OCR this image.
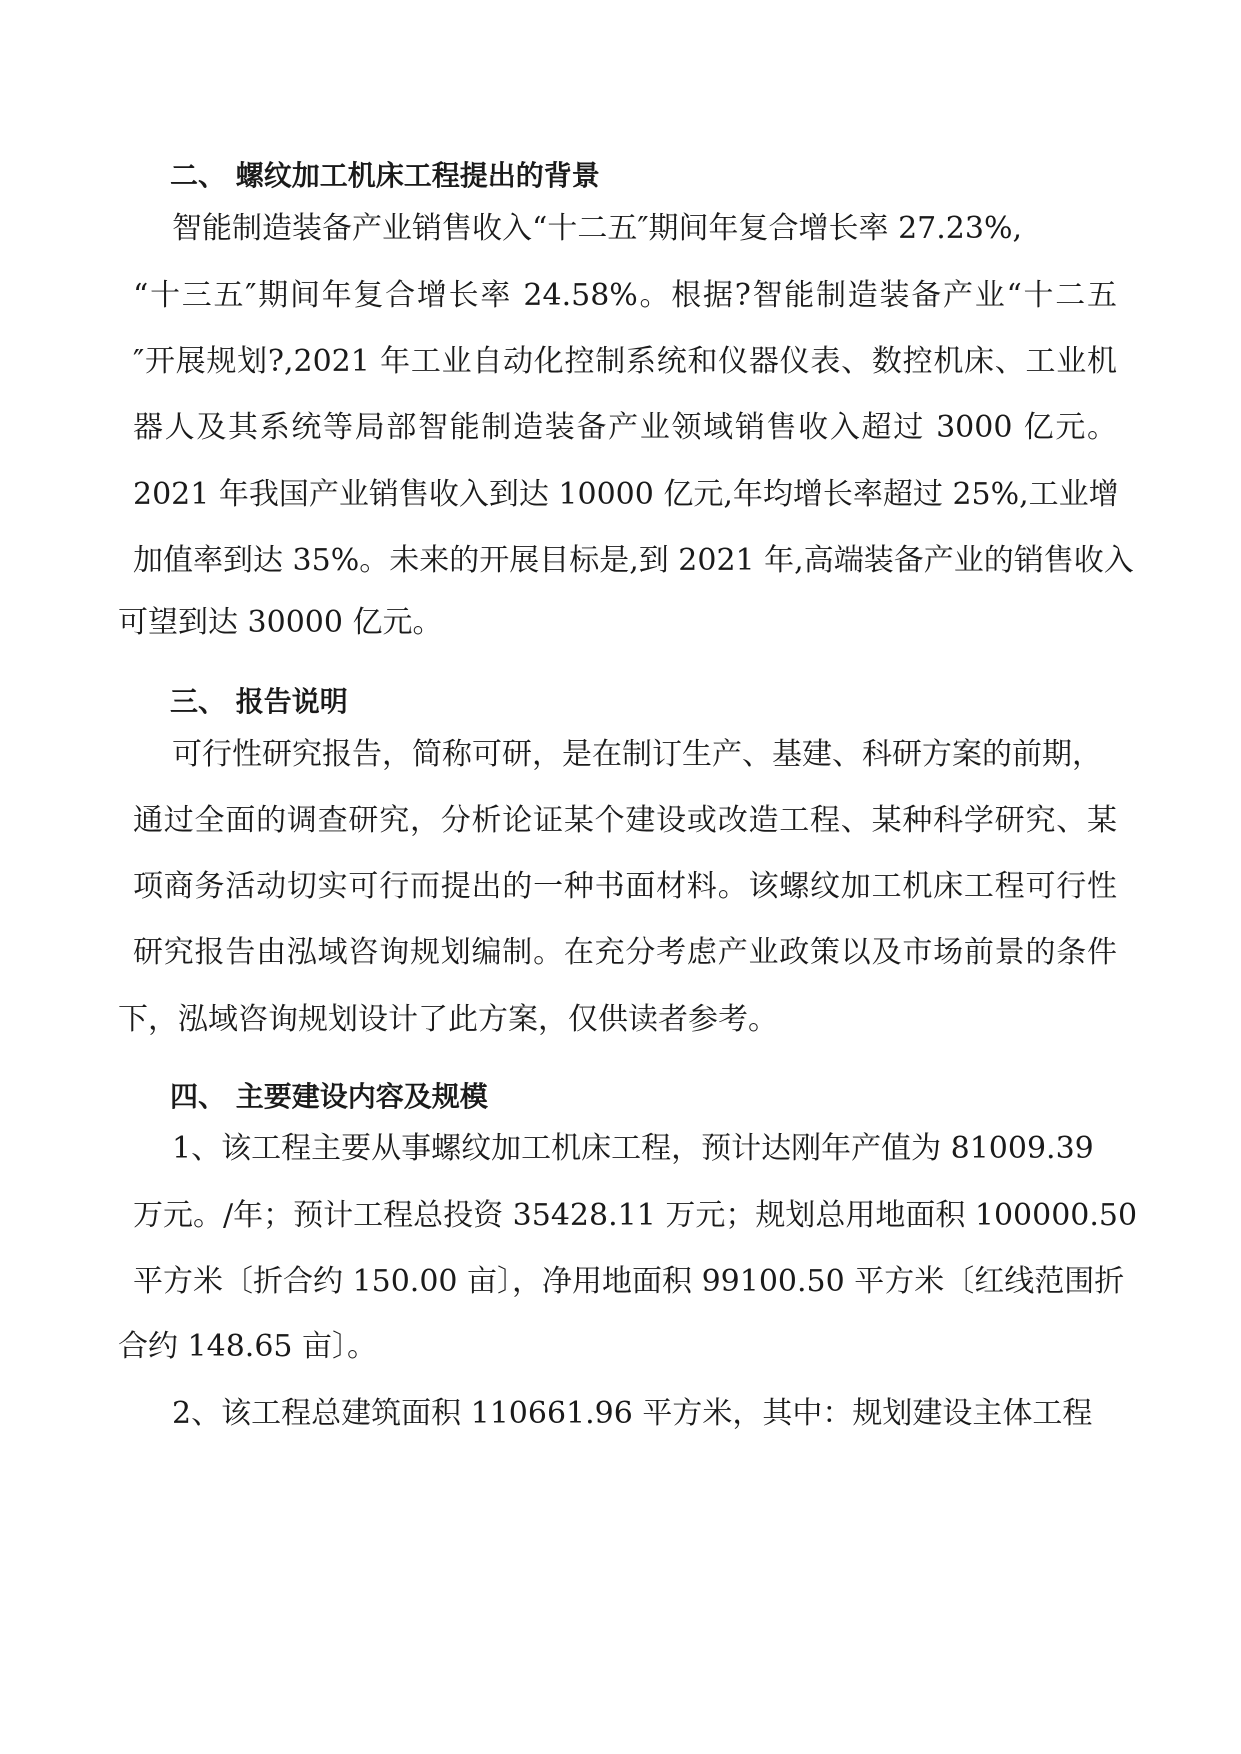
二、 螺纹加工机床工程提出的背景
智能制造装备产业销售收入“十二五″期间年复合增长率 27.23%,
“十三五″期间年复合增长率 24.58%。根据?智能制造装备产业“十二五
″开展规划?,2021 年工业自动化控制系统和仪器仪表、数控机床、工业机
器人及其系统等局部智能制造装备产业领域销售收入超过 3000 亿元。
2021 年我国产业销售收入到达 10000 亿元,年均增长率超过 25%,工业增
加值率到达 35%。未来的开展目标是,到 2021 年,高端装备产业的销售收入
可望到达 30000 亿元。
三、 报告说明
可行性研究报告，简称可研，是在制订生产、基建、科研方案的前期，
通过全面的调查研究，分析论证某个建设或改造工程、某种科学研究、某
项商务活动切实可行而提出的一种书面材料。该螺纹加工机床工程可行性
研究报告由泓域咨询规划编制。在充分考虑产业政策以及市场前景的条件
下，泓域咨询规划设计了此方案，仅供读者参考。
四、 主要建设内容及规模
1、该工程主要从事螺纹加工机床工程，预计达刚年产值为 81009.39
万元。/年；预计工程总投资 35428.11 万元；规划总用地面积 100000.50
平方米〔折合约 150.00 亩〕，净用地面积 99100.50 平方米〔红线范围折
合约 148.65 亩〕。
2、该工程总建筑面积 110661.96 平方米，其中：规划建设主体工程
